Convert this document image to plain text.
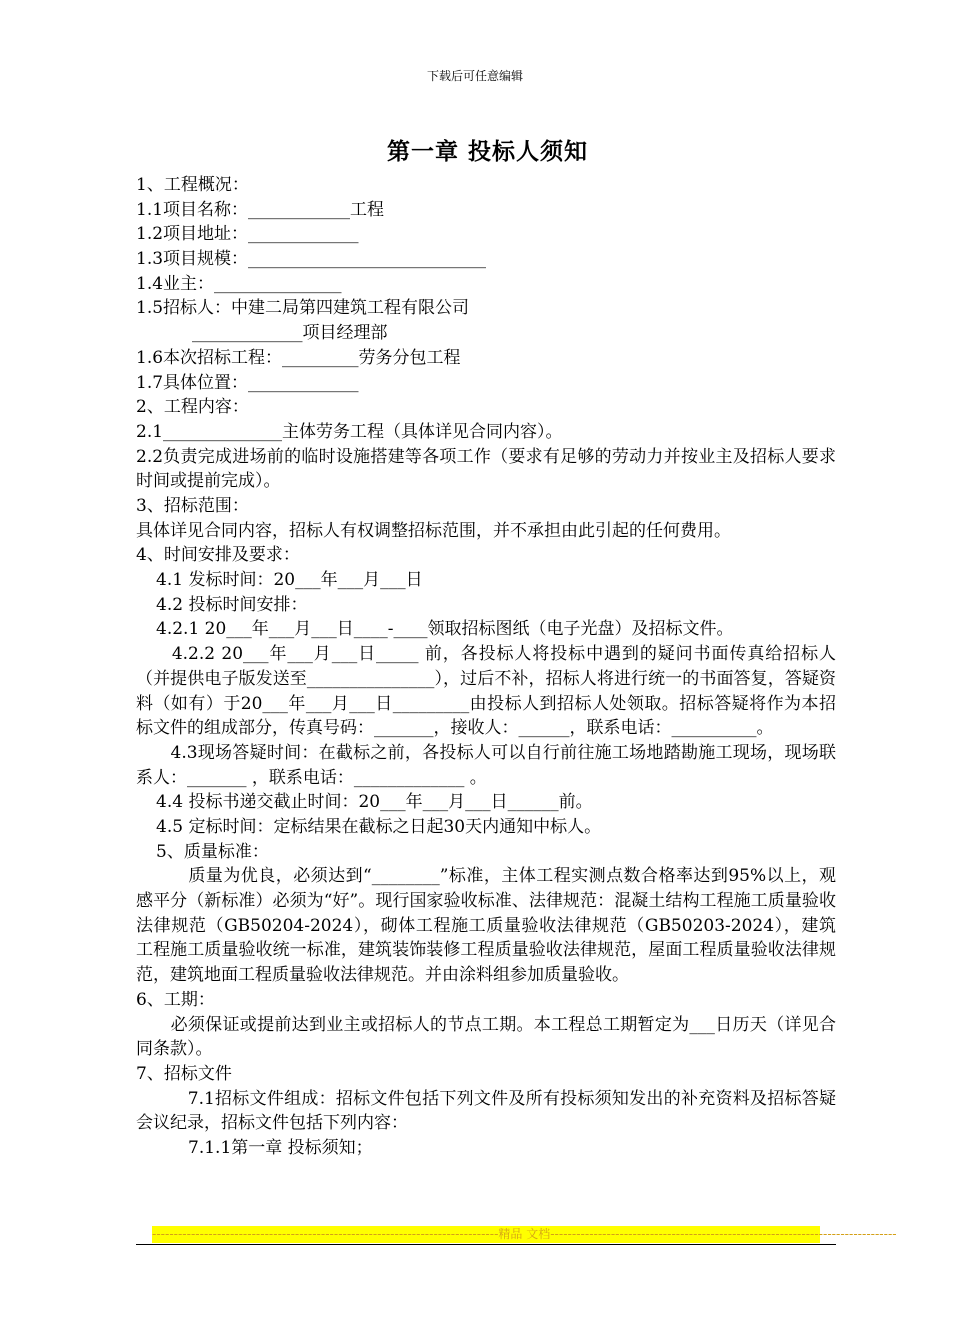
下载后可任意编辑
第一章 投标人须知
1、工程概况：
1.1项目名称：____________工程
1.2项目地址：_____________
1.3项目规模：____________________________
1.4业主：_______________
1.5招标人：中建二局第四建筑工程有限公司
_____________项目经理部
1.6本次招标工程：_________劳务分包工程
1.7具体位置：_____________
2、工程内容：
2.1______________主体劳务工程（具体详见合同内容）。
2.2负责完成进场前的临时设施搭建等各项工作（要求有足够的劳动力并按业主及招标人要求时间或提前完成）。
3、招标范围：
具体详见合同内容，招标人有权调整招标范围，并不承担由此引起的任何费用。
4、时间安排及要求：
4.1 发标时间：20___年___月___日
4.2 投标时间安排：
4.2.1 20___年___月___日____-____领取招标图纸（电子光盘）及招标文件。
　　4.2.2 20___年___月___日_____ 前，各投标人将投标中遇到的疑问书面传真给招标人（并提供电子版发送至_______________），过后不补，招标人将进行统一的书面答复，答疑资料（如有）于20___年___月___日_________由投标人到招标人处领取。招标答疑将作为本招标文件的组成部分，传真号码：_______，接收人：______，联系电话：__________。
　　4.3现场答疑时间：在截标之前，各投标人可以自行前往施工场地踏勘施工现场，现场联系人：_______ ，联系电话：_____________ 。
4.4 投标书递交截止时间：20___年___月___日______前。
4.5 定标时间：定标结果在截标之日起30天内通知中标人。
5、质量标准：
　　　质量为优良，必须达到“________”标准，主体工程实测点数合格率达到95%以上，观感平分（新标准）必须为“好”。现行国家验收标准、法律规范：混凝土结构工程施工质量验收法律规范（GB50204-2024），砌体工程施工质量验收法律规范（GB50203-2024），建筑工程施工质量验收统一标准，建筑装饰装修工程质量验收法律规范，屋面工程质量验收法律规范，建筑地面工程质量验收法律规范。并由涂料组参加质量验收。
6、工期：
　　必须保证或提前达到业主或招标人的节点工期。本工程总工期暂定为___日历天（详见合同条款）。
7、招标文件
　　　7.1招标文件组成：招标文件包括下列文件及所有投标须知发出的补充资料及招标答疑会议纪录，招标文件包括下列内容：
7.1.1第一章 投标须知；
--------------------------------------------------------------------------------精品 文档--------------------------------------------------------------------------------
